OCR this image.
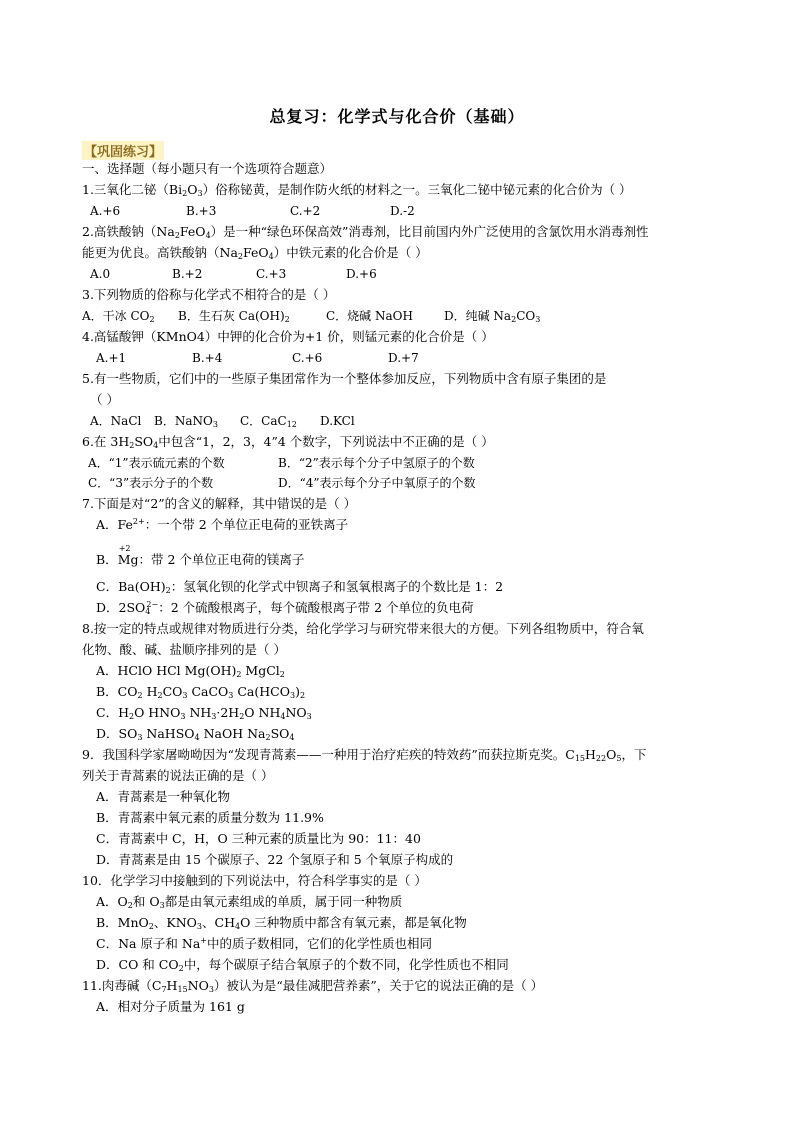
总复习：化学式与化合价（基础）
【巩固练习】
一、选择题（每小题只有一个选项符合题意）
1.三氧化二铋$(Bi_2O_3)$俗称铋黄，是制作防火纸的材料之一。三氧化二铋中铋元素的化合价为（ ）
A.+6	B.+3	C.+2	D.-2
2.高铁酸钠$(Na_2FeO_4)$是一种“绿色环保高效”消毒剂，比目前国内外广泛使用的含氯饮用水消毒剂性
能更为优良。高铁酸钠$(Na_2FeO_4)$中铁元素的化合价是（ ）
A.0	B.+2	C.+3	D.+6
3.下列物质的俗称与化学式不相符合的是（ ）
A．干冰 $CO_2$ B．生石灰 $Ca(OH)_2$	C．烧碱 NaOH	D．纯碱 $Na_2CO_3$
4.高锰酸钾（KMnO4）中钾的化合价为+1 价，则锰元素的化合价是（ ）
A.+1	B.+4	C.+6	D.+7
5.有一些物质，它们中的一些原子集团常作为一个整体参加反应，下列物质中含有原子集团的是
（ ）
A．NaCl B．NaNO$_3$ C．CaC$_{12}$ D.KCl
6.在 $3H_2SO_4$中包含“1，2，3，4”4 个数字，下列说法中不正确的是（ ）
A．“1”表示硫元素的个数	B．“2”表示每个分子中氢原子的个数
C．“3”表示分子的个数	D．“4”表示每个分子中氧原子的个数
7.下面是对“2”的含义的解释，其中错误的是（ ）
A．$Fe^{2+}$：一个带 2 个单位正电荷的亚铁离子
B．
+2
Mg：带 2 个单位正电荷的镁离子
C．$Ba(OH)_2$：氢氧化钡的化学式中钡离子和氢氧根离子的个数比是 1：2
D．$2SO_4^{2-}$：2 个硫酸根离子，每个硫酸根离子带 2 个单位的负电荷
8.按一定的特点或规律对物质进行分类，给化学学习与研究带来很大的方便。下列各组物质中，符合氧
化物、酸、碱、盐顺序排列的是（ ）
A．HClO HCl $Mg(OH)_2$ MgCl$_2$
B．$CO_2$ $H_2CO_3$ CaCO$_3$ $Ca(HCO_3)_2$
C．$H_2O$ $HNO_3$ $NH_3\cdot 2H_2O$ $NH_4NO_3$
D．$SO_3$ NaHSO$_4$ NaOH $Na_2SO_4$
9．我国科学家屠呦呦因为“发现青蒿素——一种用于治疗疟疾的特效药”而获拉斯克奖。$C_{15}H_{22}O_5$，下
列关于青蒿素的说法正确的是（ ）
A．青蒿素是一种氧化物
B．青蒿素中氧元素的质量分数为 11.9%
C．青蒿素中 C，H，O 三种元素的质量比为 90：11：40
D．青蒿素是由 15 个碳原子、22 个氢原子和 5 个氧原子构成的
10．化学学习中接触到的下列说法中，符合科学事实的是（ ）
A．$O_2$和 $O_3$都是由氧元素组成的单质，属于同一种物质
B．MnO$_2$、$KNO_3$、$CH_4O$ 三种物质中都含有氧元素，都是氧化物
C．Na 原子和 Na+中的质子数相同，它们的化学性质也相同
D．CO 和 $CO_2$中，每个碳原子结合氧原子的个数不同，化学性质也不相同
11.肉毒碱$(C_7H_{15}NO_3)$被认为是“最佳减肥营养素”，关于它的说法正确的是（ ）
A．相对分子质量为 161 g
